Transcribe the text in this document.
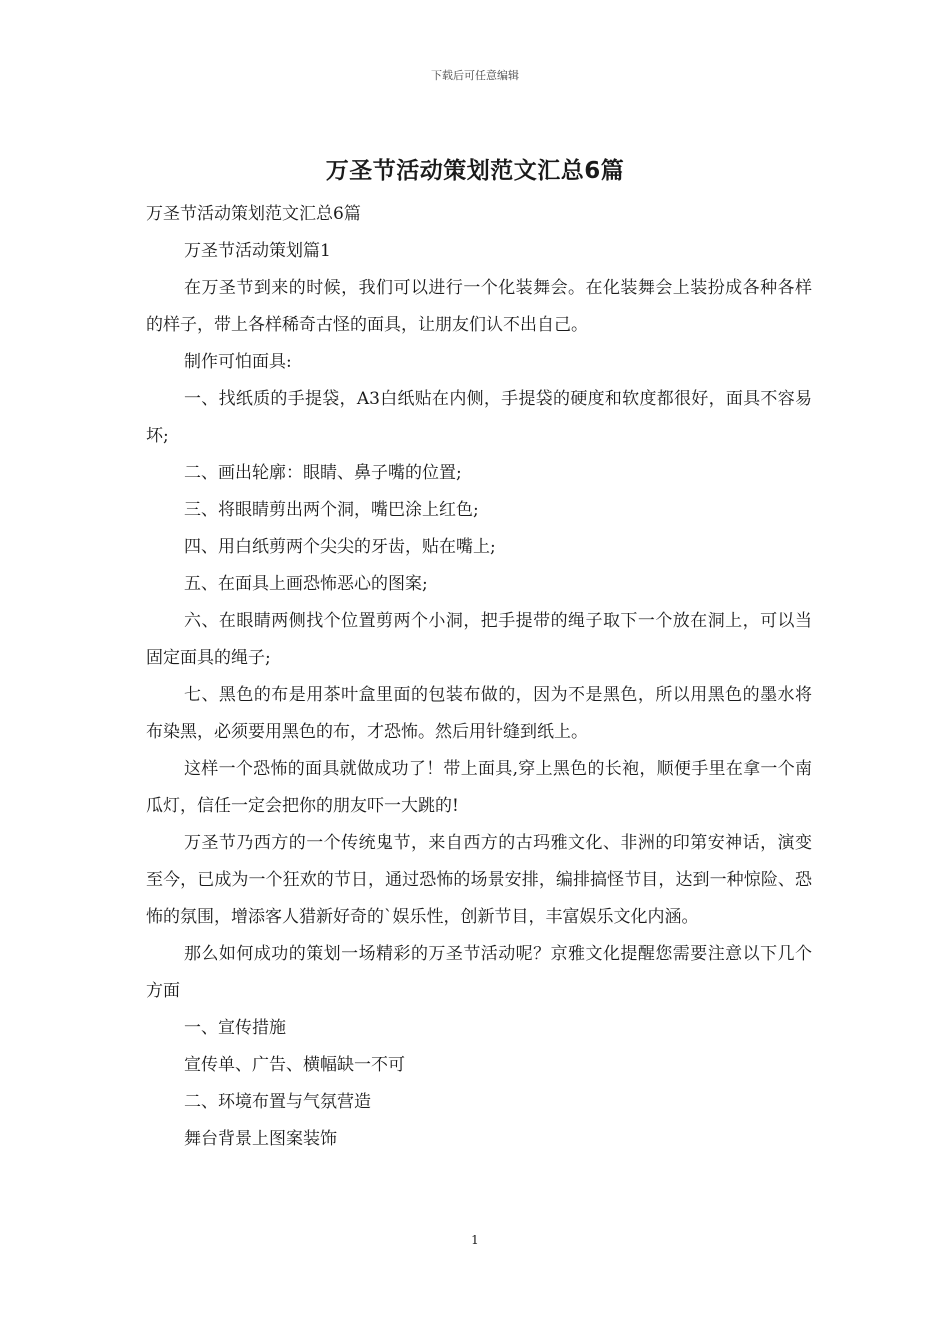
下载后可任意编辑
万圣节活动策划范文汇总6篇

万圣节活动策划范文汇总6篇

万圣节活动策划篇1

在万圣节到来的时候，我们可以进行一个化装舞会。在化装舞会上装扮成各种各样的样子，带上各样稀奇古怪的面具，让朋友们认不出自己。

制作可怕面具:

一、找纸质的手提袋，A3白纸贴在内侧，手提袋的硬度和软度都很好，面具不容易坏;

二、画出轮廓：眼睛、鼻子嘴的位置;

三、将眼睛剪出两个洞，嘴巴涂上红色;

四、用白纸剪两个尖尖的牙齿，贴在嘴上;

五、在面具上画恐怖恶心的图案;

六、在眼睛两侧找个位置剪两个小洞，把手提带的绳子取下一个放在洞上，可以当固定面具的绳子;

七、黑色的布是用茶叶盒里面的包装布做的，因为不是黑色，所以用黑色的墨水将布染黑，必须要用黑色的布，才恐怖。然后用针缝到纸上。

这样一个恐怖的面具就做成功了！带上面具,穿上黑色的长袍，顺便手里在拿一个南瓜灯，信任一定会把你的朋友吓一大跳的!

万圣节乃西方的一个传统鬼节，来自西方的古玛雅文化、非洲的印第安神话，演变至今，已成为一个狂欢的节日，通过恐怖的场景安排，编排搞怪节目，达到一种惊险、恐怖的氛围，增添客人猎新好奇的`娱乐性，创新节目，丰富娱乐文化内涵。

那么如何成功的策划一场精彩的万圣节活动呢？京雅文化提醒您需要注意以下几个方面

一、宣传措施

宣传单、广告、横幅缺一不可

二、环境布置与气氛营造

舞台背景上图案装饰

1
